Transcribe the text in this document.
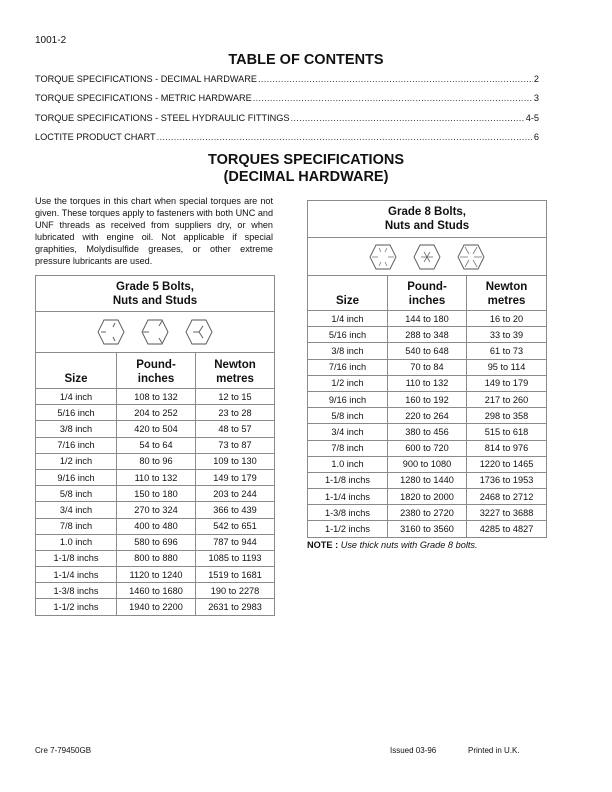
1001-2
TABLE OF CONTENTS
TORQUE SPECIFICATIONS - DECIMAL HARDWARE .....	2
TORQUE SPECIFICATIONS - METRIC HARDWARE .....	3
TORQUE SPECIFICATIONS - STEEL HYDRAULIC FITTINGS .....	4-5
LOCTITE PRODUCT CHART .....	6
TORQUES SPECIFICATIONS
(DECIMAL HARDWARE)
Use the torques in this chart when special torques are not given. These torques apply to fasteners with both UNC and UNF threads as received from suppliers dry, or when lubricated with engine oil. Not applicable if special graphities, Molydisulfide greases, or other extreme pressure lubricants are used.
Grade 5 Bolts,
Nuts and Studs		

Size	
Pound-
inches

Newton
metres

1/4 inch	108 to 132	12 to 15
5/16 inch	204 to 252	23 to 28
3/8 inch	420 to 504	48 to 57
7/16 inch	54 to 64	73 to 87
1/2 inch	80 to 96	109 to 130
9/16 inch	110 to 132	149 to 179
5/8 inch	150 to 180	203 to 244
3/4 inch	270 to 324	366 to 439
7/8 inch	400 to 480	542 to 651
1.0 inch	580 to 696	787 to 944
1-1/8 inchs	800 to 880	1085 to 1193
1-1/4 inchs	1120 to 1240	1519 to 1681
1-3/8 inchs	1460 to 1680	190 to 2278
1-1/2 inchs	1940 to 2200	2631 to 2983
Grade 8 Bolts,
Nuts and Studs		

Size	
Pound-
inches

Newton
metres

1/4 inch	144 to 180	16 to 20
5/16 inch	288 to 348	33 to 39
3/8 inch	540 to 648	61 to 73
7/16 inch	70 to 84	95 to 114
1/2 inch	110 to 132	149 to 179
9/16 inch	160 to 192	217 to 260
5/8 inch	220 to 264	298 to 358
3/4 inch	380 to 456	515 to 618
7/8 inch	600 to 720	814 to 976
1.0 inch	900 to 1080	1220 to 1465
1-1/8 inchs	1280 to 1440	1736 to 1953
1-1/4 inchs	1820 to 2000	2468 to 2712
1-3/8 inchs	2380 to 2720	3227 to 3688
1-1/2 inchs	3160 to 3560	4285 to 4827
NOTE : Use thick nuts with Grade 8 bolts.
Cre 7-79450GB	Issued 03-96	Printed in U.K.
